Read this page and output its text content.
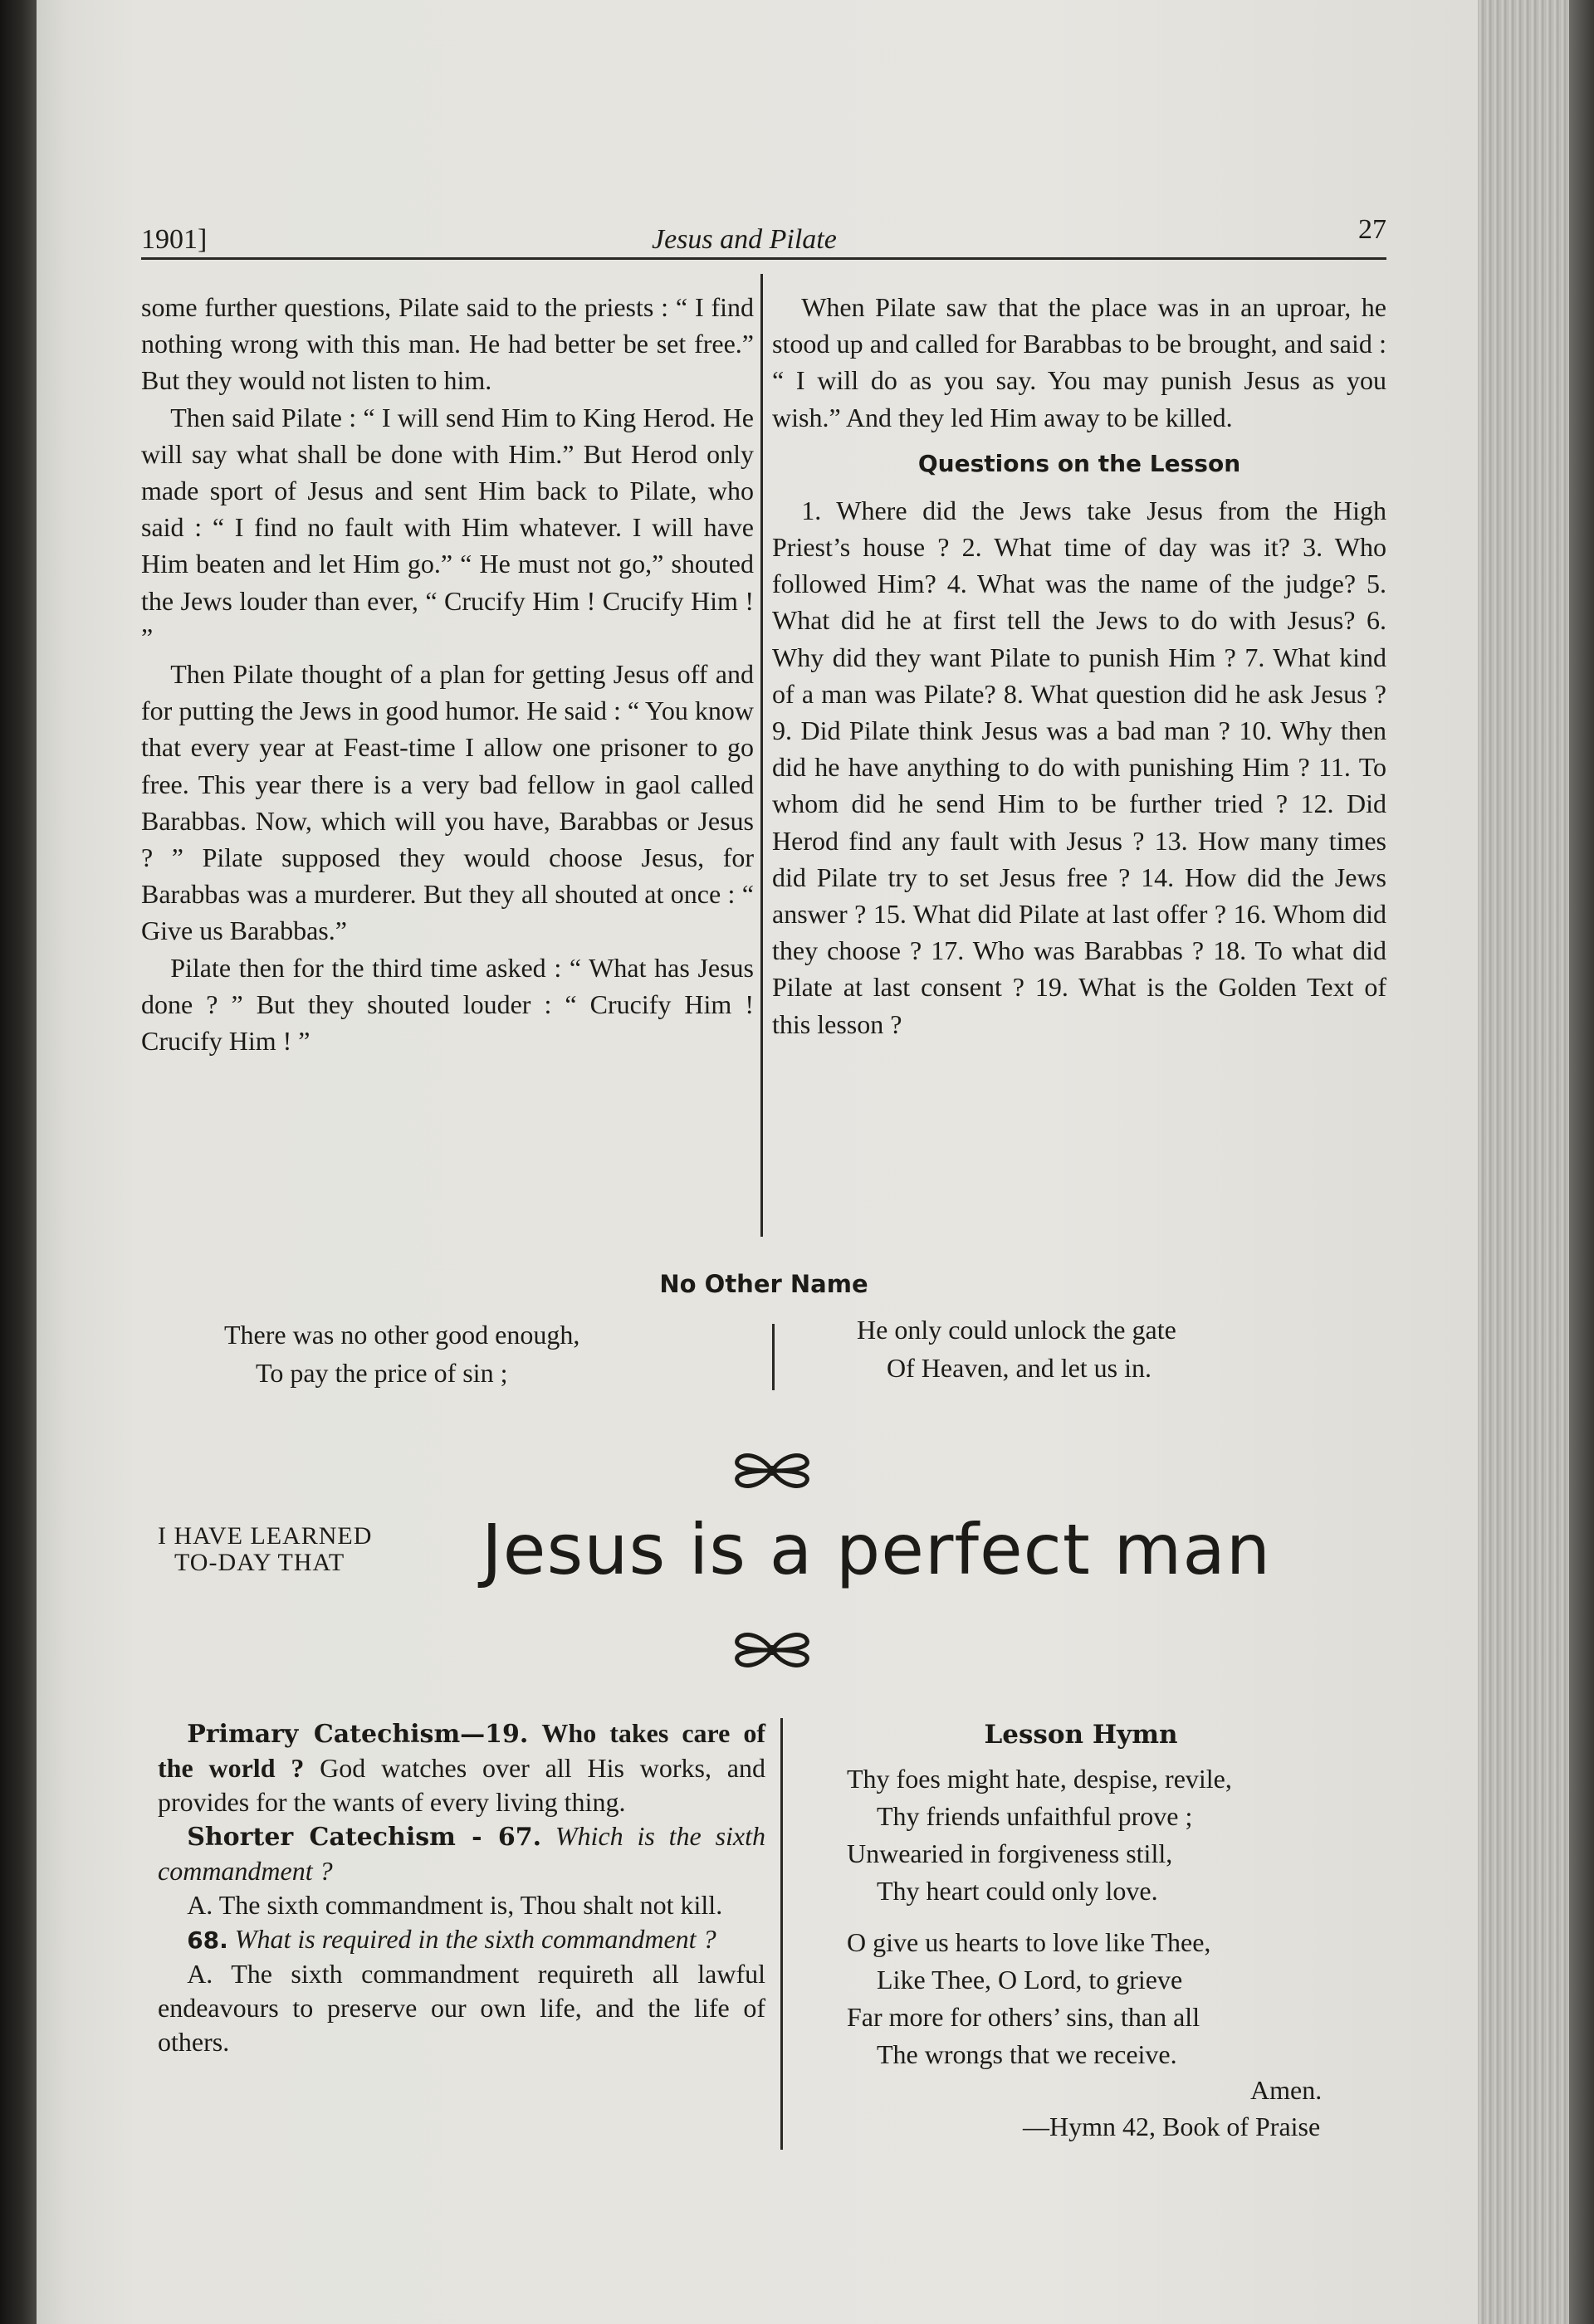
1901]	Jesus and Pilate	27

some further questions, Pilate said to the priests : “ I find nothing wrong with this man. He had better be set free.” But they would not listen to him.

Then said Pilate : “ I will send Him to King Herod. He will say what shall be done with Him.” But Herod only made sport of Jesus and sent Him back to Pilate, who said : “ I find no fault with Him whatever. I will have Him beaten and let Him go.” “ He must not go,” shouted the Jews louder than ever, “ Crucify Him ! Crucify Him ! ”

Then Pilate thought of a plan for getting Jesus off and for putting the Jews in good humor. He said : “ You know that every year at Feast-time I allow one prisoner to go free. This year there is a very bad fellow in gaol called Barabbas. Now, which will you have, Barabbas or Jesus ? ” Pilate supposed they would choose Jesus, for Barabbas was a murderer. But they all shouted at once : “ Give us Barabbas.”

Pilate then for the third time asked : “ What has Jesus done ? ” But they shouted louder : “ Crucify Him ! Crucify Him ! ”

When Pilate saw that the place was in an uproar, he stood up and called for Barabbas to be brought, and said : “ I will do as you say. You may punish Jesus as you wish.” And they led Him away to be killed.

Questions on the Lesson

1. Where did the Jews take Jesus from the High Priest’s house ? 2. What time of day was it? 3. Who followed Him? 4. What was the name of the judge? 5. What did he at first tell the Jews to do with Jesus? 6. Why did they want Pilate to punish Him ? 7. What kind of a man was Pilate? 8. What question did he ask Jesus ? 9. Did Pilate think Jesus was a bad man ? 10. Why then did he have anything to do with punishing Him ? 11. To whom did he send Him to be further tried ? 12. Did Herod find any fault with Jesus ? 13. How many times did Pilate try to set Jesus free ? 14. How did the Jews answer ? 15. What did Pilate at last offer ? 16. Whom did they choose ? 17. Who was Barabbas ? 18. To what did Pilate at last consent ? 19. What is the Golden Text of this lesson ?

No Other Name
There was no other good enough,
To pay the price of sin ;
He only could unlock the gate
Of Heaven, and let us in.
I HAVE LEARNED
TO-DAY THAT	Jesus is a perfect man

Primary Catechism—19. Who takes care of the world ? God watches over all His works, and provides for the wants of every living thing.

Shorter Catechism - 67. Which is the sixth commandment ?

A. The sixth commandment is, Thou shalt not kill.

68. What is required in the sixth commandment ?

A. The sixth commandment requireth all lawful endeavours to preserve our own life, and the life of others.

Lesson Hymn
Thy foes might hate, despise, revile,
Thy friends unfaithful prove ;
Unwearied in forgiveness still,
Thy heart could only love.
O give us hearts to love like Thee,
Like Thee, O Lord, to grieve
Far more for others’ sins, than all
The wrongs that we receive.
Amen.
—Hymn 42, Book of Praise
